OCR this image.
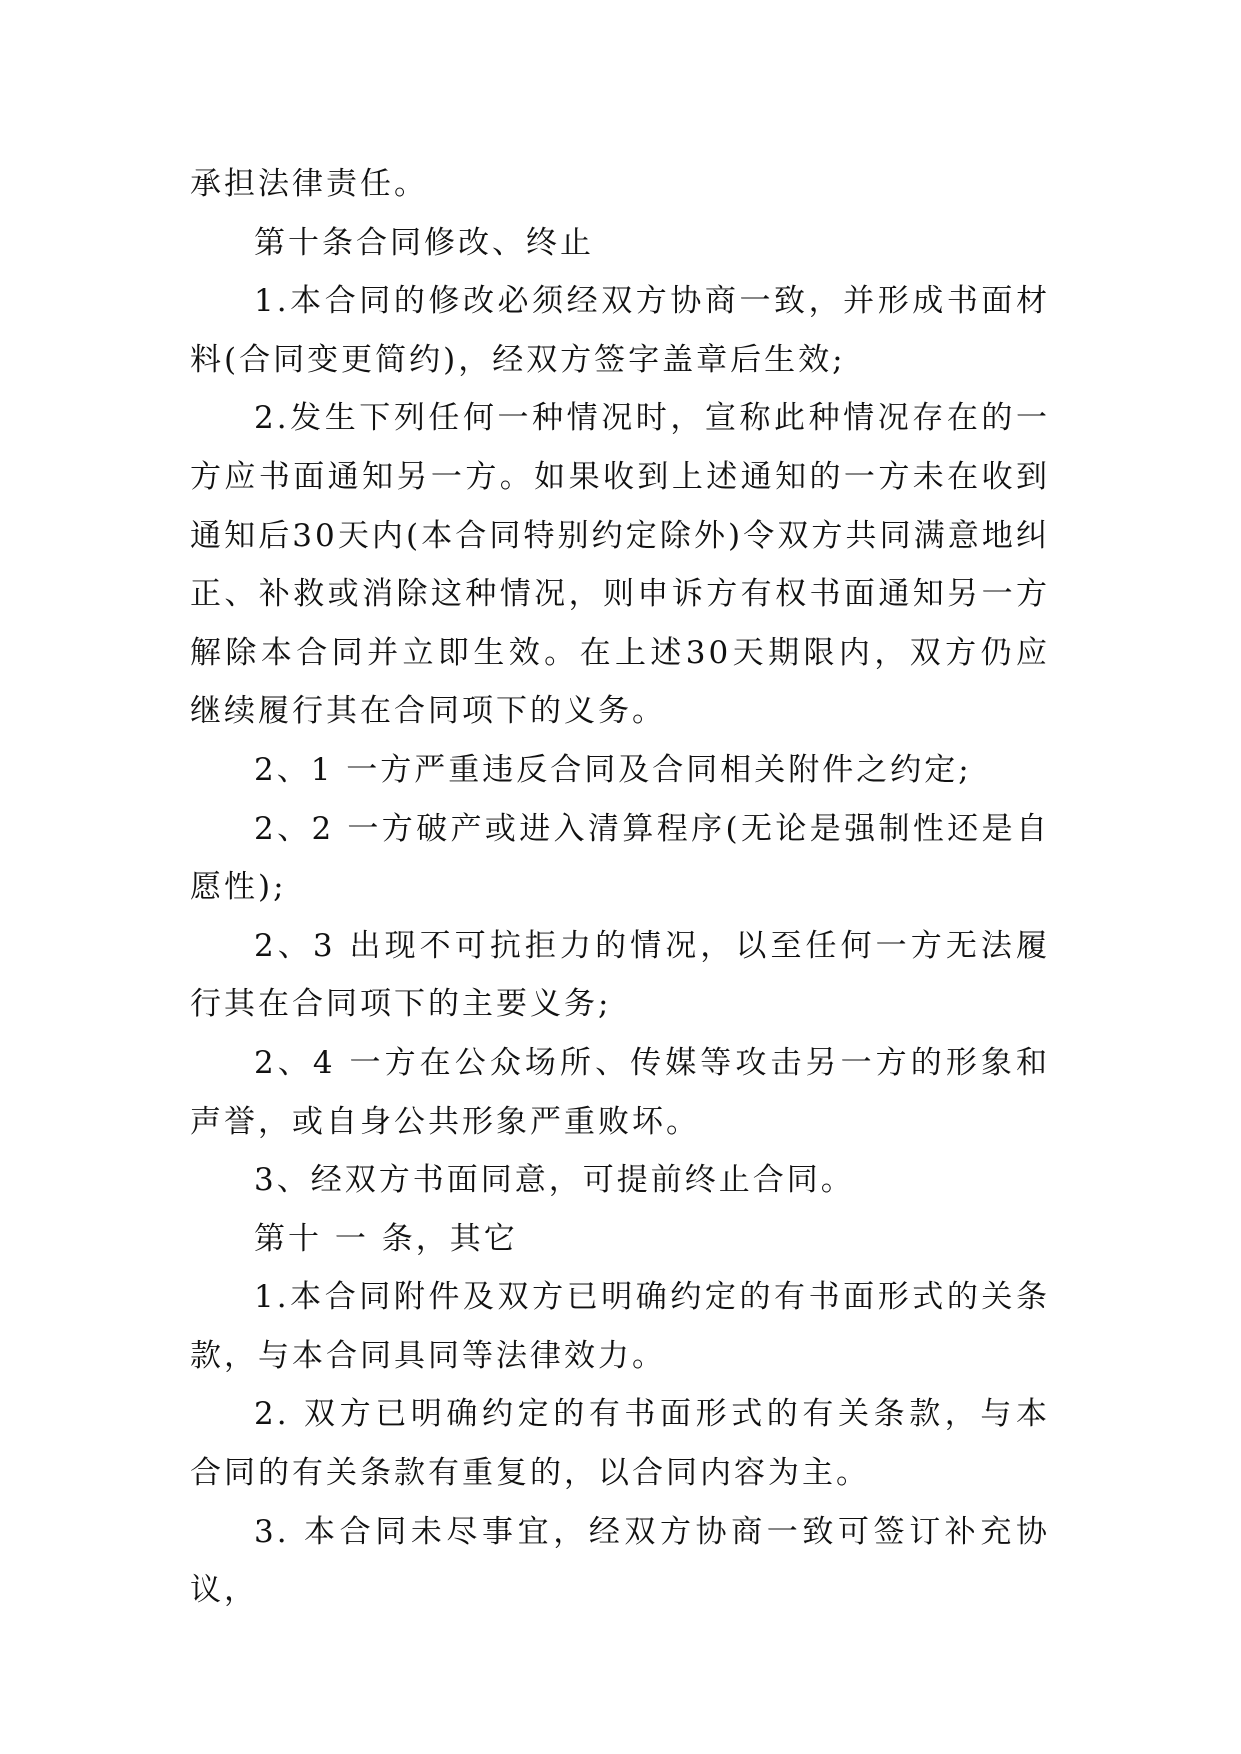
承担法律责任。

第十条合同修改、终止

1.本合同的修改必须经双方协商一致，并形成书面材料(合同变更简约)，经双方签字盖章后生效;

2.发生下列任何一种情况时，宣称此种情况存在的一方应书面通知另一方。如果收到上述通知的一方未在收到通知后30天内(本合同特别约定除外)令双方共同满意地纠正、补救或消除这种情况，则申诉方有权书面通知另一方解除本合同并立即生效。在上述30天期限内，双方仍应继续履行其在合同项下的义务。

2、1 一方严重违反合同及合同相关附件之约定;

2、2 一方破产或进入清算程序(无论是强制性还是自愿性);

2、3 出现不可抗拒力的情况，以至任何一方无法履行其在合同项下的主要义务;

2、4 一方在公众场所、传媒等攻击另一方的形象和声誉，或自身公共形象严重败坏。

3、经双方书面同意，可提前终止合同。

第十 一 条，其它

1.本合同附件及双方已明确约定的有书面形式的关条款，与本合同具同等法律效力。

2. 双方已明确约定的有书面形式的有关条款，与本合同的有关条款有重复的，以合同内容为主。

3. 本合同未尽事宜，经双方协商一致可签订补充协议，
